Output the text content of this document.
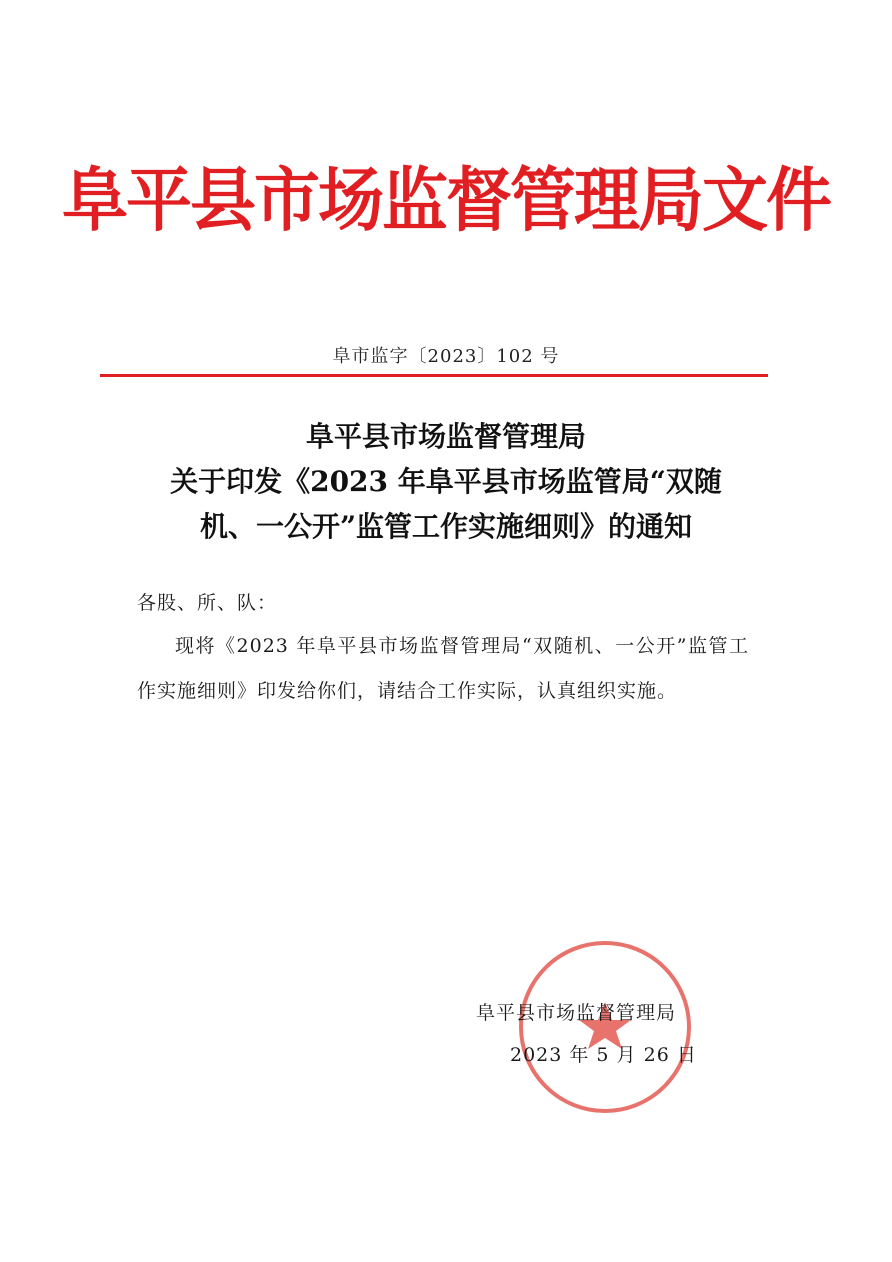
阜平县市场监督管理局文件
阜市监字〔2023〕102 号
阜平县市场监督管理局
关于印发《2023 年阜平县市场监管局“双随
机、一公开”监管工作实施细则》的通知
各股、所、队：
现将《2023 年阜平县市场监督管理局“双随机、一公开”监管工作实施细则》印发给你们，请结合工作实际，认真组织实施。
阜平县市场监督管理局
2023 年 5 月 26 日
